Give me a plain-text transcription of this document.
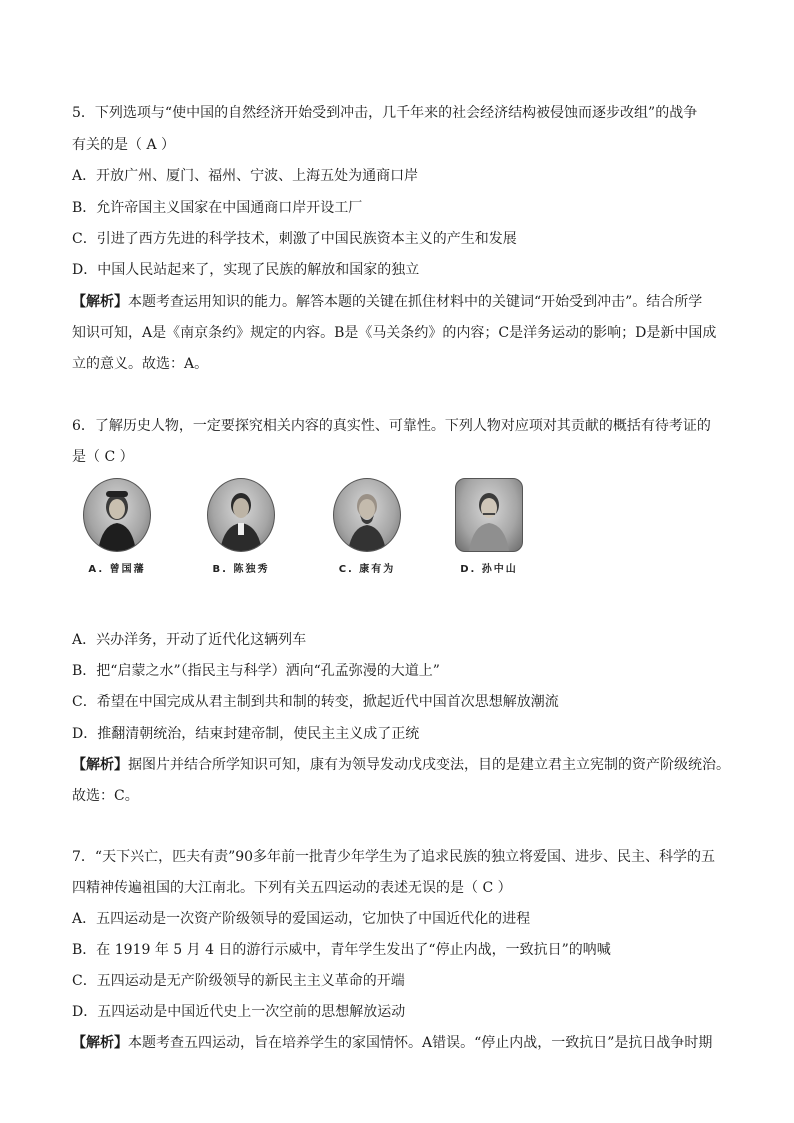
5．下列选项与“使中国的自然经济开始受到冲击，几千年来的社会经济结构被侵蚀而逐步改组”的战争
有关的是（ A ）
A．开放广州、厦门、福州、宁波、上海五处为通商口岸
B．允许帝国主义国家在中国通商口岸开设工厂
C．引进了西方先进的科学技术，刺激了中国民族资本主义的产生和发展
D．中国人民站起来了，实现了民族的解放和国家的独立
【解析】本题考查运用知识的能力。解答本题的关键在抓住材料中的关键词“开始受到冲击”。结合所学
知识可知，A是《南京条约》规定的内容。B是《马关条约》的内容；C是洋务运动的影响；D是新中国成
立的意义。故选：A。
6．了解历史人物，一定要探究相关内容的真实性、可靠性。下列人物对应项对其贡献的概括有待考证的
是（ C ）
A. 曾国藩	B. 陈独秀	C. 康有为	D. 孙中山
A．兴办洋务，开动了近代化这辆列车
B．把“启蒙之水”（指民主与科学）洒向“孔孟弥漫的大道上”
C．希望在中国完成从君主制到共和制的转变，掀起近代中国首次思想解放潮流
D．推翻清朝统治，结束封建帝制，使民主主义成了正统
【解析】据图片并结合所学知识可知，康有为领导发动戊戌变法，目的是建立君主立宪制的资产阶级统治。
故选：C。
7．“天下兴亡，匹夫有责”90多年前一批青少年学生为了追求民族的独立将爱国、进步、民主、科学的五
四精神传遍祖国的大江南北。下列有关五四运动的表述无误的是（ C ）
A．五四运动是一次资产阶级领导的爱国运动，它加快了中国近代化的进程
B．在 1919 年 5 月 4 日的游行示威中，青年学生发出了“停止内战，一致抗日”的呐喊
C．五四运动是无产阶级领导的新民主主义革命的开端
D．五四运动是中国近代史上一次空前的思想解放运动
【解析】本题考查五四运动，旨在培养学生的家国情怀。A错误。“停止内战，一致抗日”是抗日战争时期
